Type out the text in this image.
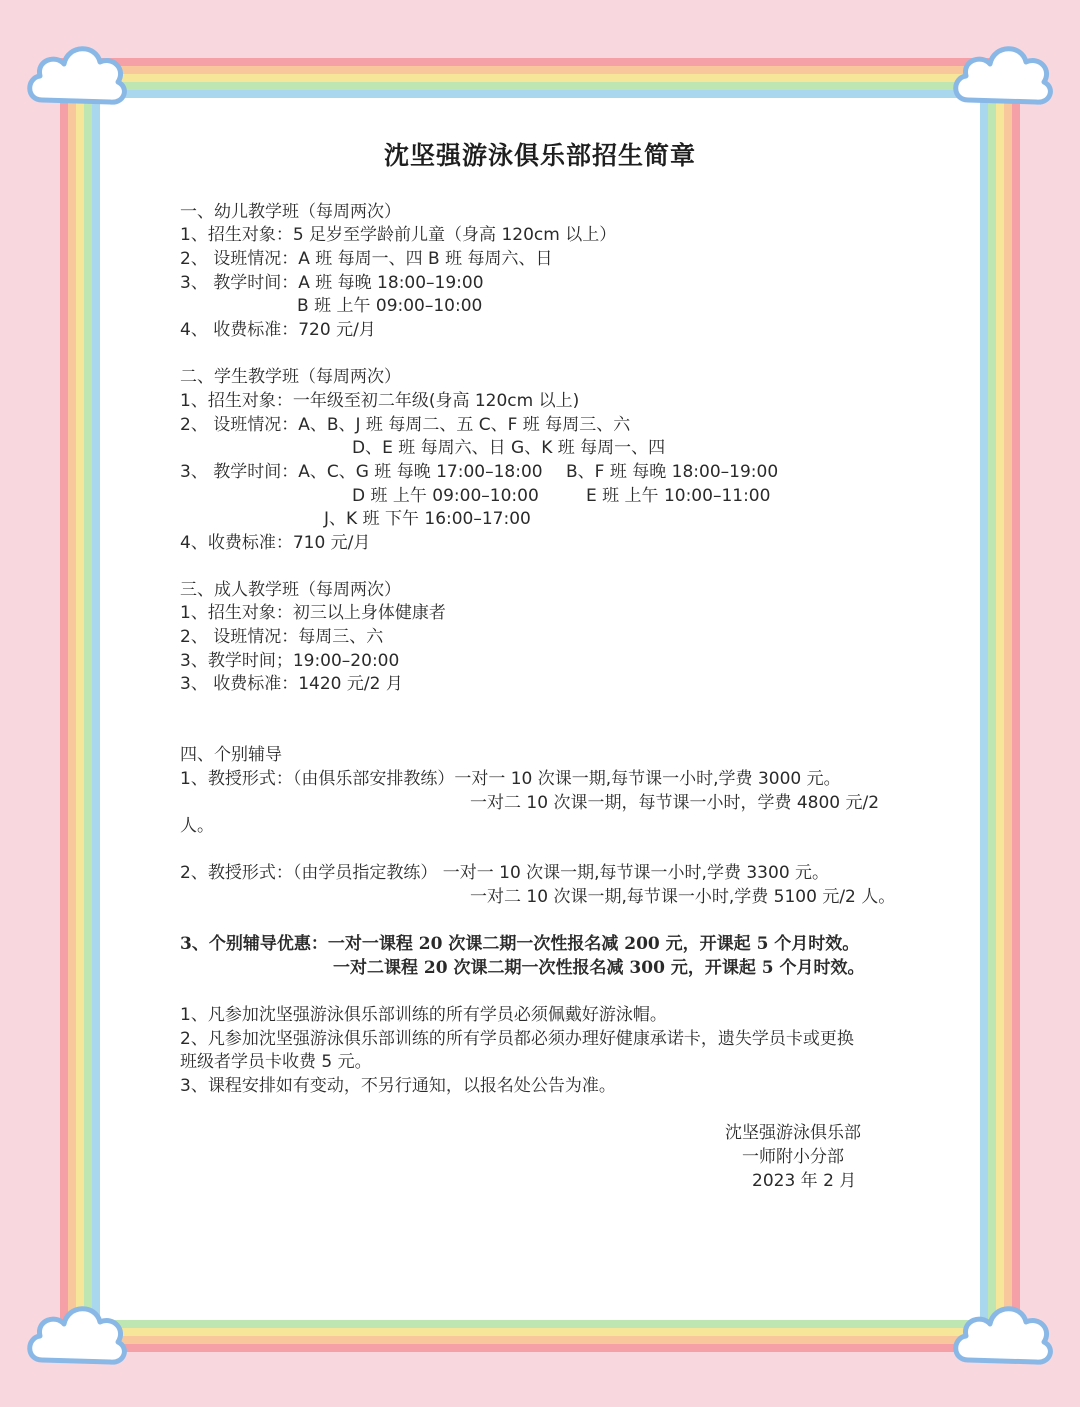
沈坚强游泳俱乐部招生简章
一、幼儿教学班（每周两次）
1、招生对象：5 足岁至学龄前儿童（身高 120cm 以上）
2、 设班情况：A 班 每周一、四 B 班 每周六、日
3、 教学时间：A 班 每晚 18:00–19:00
B 班 上午 09:00–10:00
4、 收费标准：720 元/月
二、学生教学班（每周两次）
1、招生对象：一年级至初二年级(身高 120cm 以上)
2、 设班情况：A、B、J 班 每周二、五 C、F 班 每周三、六
D、E 班 每周六、日 G、K 班 每周一、四
3、 教学时间：A、C、G 班 每晚 17:00–18:00 B、F 班 每晚 18:00–19:00
D 班 上午 09:00–10:00	E 班 上午 10:00–11:00
J、K 班 下午 16:00–17:00
4、收费标准：710 元/月
三、成人教学班（每周两次）
1、招生对象：初三以上身体健康者
2、 设班情况：每周三、六
3、教学时间；19:00–20:00
3、 收费标准：1420 元/2 月
四、个别辅导
1、教授形式：（由俱乐部安排教练）一对一 10 次课一期,每节课一小时,学费 3000 元。
一对二 10 次课一期，每节课一小时，学费 4800 元/2
人。
2、教授形式：（由学员指定教练） 一对一 10 次课一期,每节课一小时,学费 3300 元。
一对二 10 次课一期,每节课一小时,学费 5100 元/2 人。
3、个别辅导优惠：一对一课程 20 次课二期一次性报名减 200 元，开课起 5 个月时效。
一对二课程 20 次课二期一次性报名减 300 元，开课起 5 个月时效。
1、凡参加沈坚强游泳俱乐部训练的所有学员必须佩戴好游泳帽。
2、凡参加沈坚强游泳俱乐部训练的所有学员都必须办理好健康承诺卡，遗失学员卡或更换
班级者学员卡收费 5 元。
3、课程安排如有变动，不另行通知，以报名处公告为准。
沈坚强游泳俱乐部
一师附小分部
2023 年 2 月
